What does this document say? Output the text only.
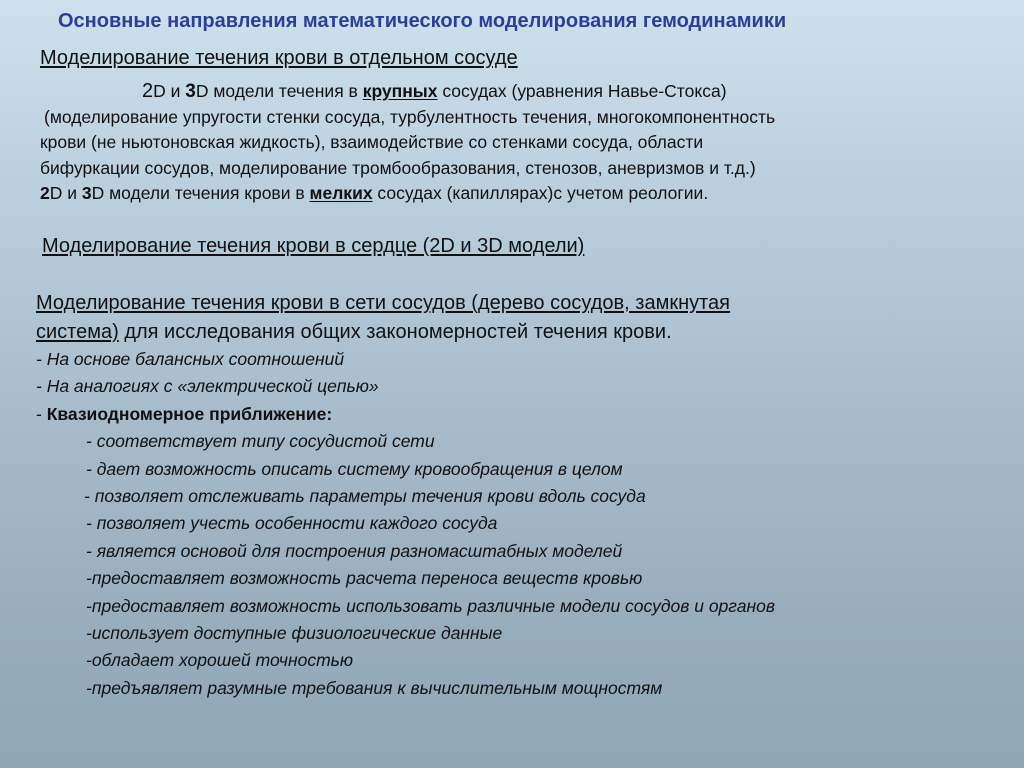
Основные направления математического моделирования гемодинамики
Моделирование течения крови в отдельном сосуде
2D и 3D модели течения в крупных сосудах (уравнения Навье-Стокса)
(моделирование упругости стенки сосуда, турбулентность течения, многокомпонентность
крови (не ньютоновская жидкость), взаимодействие со стенками сосуда, области
бифуркации сосудов, моделирование тромбообразования, стенозов, аневризмов и т.д.)
2D и 3D модели течения крови в мелких сосудах (капиллярах)с учетом реологии.
Моделирование течения крови в сердце (2D и 3D модели)
Моделирование течения крови в сети сосудов (дерево сосудов, замкнутая
система) для исследования общих закономерностей течения крови.
- На основе балансных соотношений
- На аналогиях с «электрической цепью»
- Квазиодномерное приближение:
- соответствует типу сосудистой сети
- дает возможность описать систему кровообращения в целом
- позволяет отслеживать параметры течения крови вдоль сосуда
- позволяет учесть особенности каждого сосуда
- является основой для построения разномасштабных моделей
-предоставляет возможность расчета переноса веществ кровью
-предоставляет возможность использовать различные модели сосудов и органов
-использует доступные физиологические данные
-обладает хорошей точностью
-предъявляет разумные требования к вычислительным мощностям
